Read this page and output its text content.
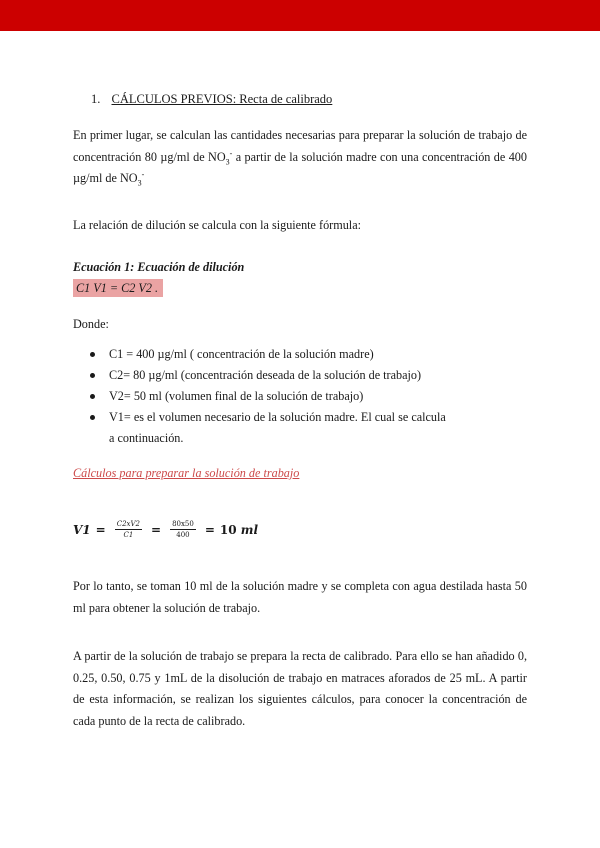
1. CÁLCULOS PREVIOS: Recta de calibrado

En primer lugar, se calculan las cantidades necesarias para preparar la solución de trabajo de concentración 80 µg/ml de $NO_3^-$ a partir de la solución madre con una concentración de 400 µg/ml de $NO_3^-$

La relación de dilución se calcula con la siguiente fórmula:

Ecuación 1: Ecuación de dilución
C1 V1 = C2 V2 .

Donde:

C1 = 400 µg/ml ( concentración de la solución madre)
C2= 80 µg/ml (concentración deseada de la solución de trabajo)
V2= 50 ml (volumen final de la solución de trabajo)
V1= es el volumen necesario de la solución madre. El cual se calcula a continuación.
Cálculos para preparar la solución de trabajo
$V1 = \frac{C2xV2}{C1} = \frac{80x50}{400} = 10$ ml

Por lo tanto, se toman 10 ml de la solución madre y se completa con agua destilada hasta 50 ml para obtener la solución de trabajo.

A partir de la solución de trabajo se prepara la recta de calibrado. Para ello se han añadido 0, 0.25, 0.50, 0.75 y 1mL de la disolución de trabajo en matraces aforados de 25 mL. A partir de esta información, se realizan los siguientes cálculos, para conocer la concentración de cada punto de la recta de calibrado.
